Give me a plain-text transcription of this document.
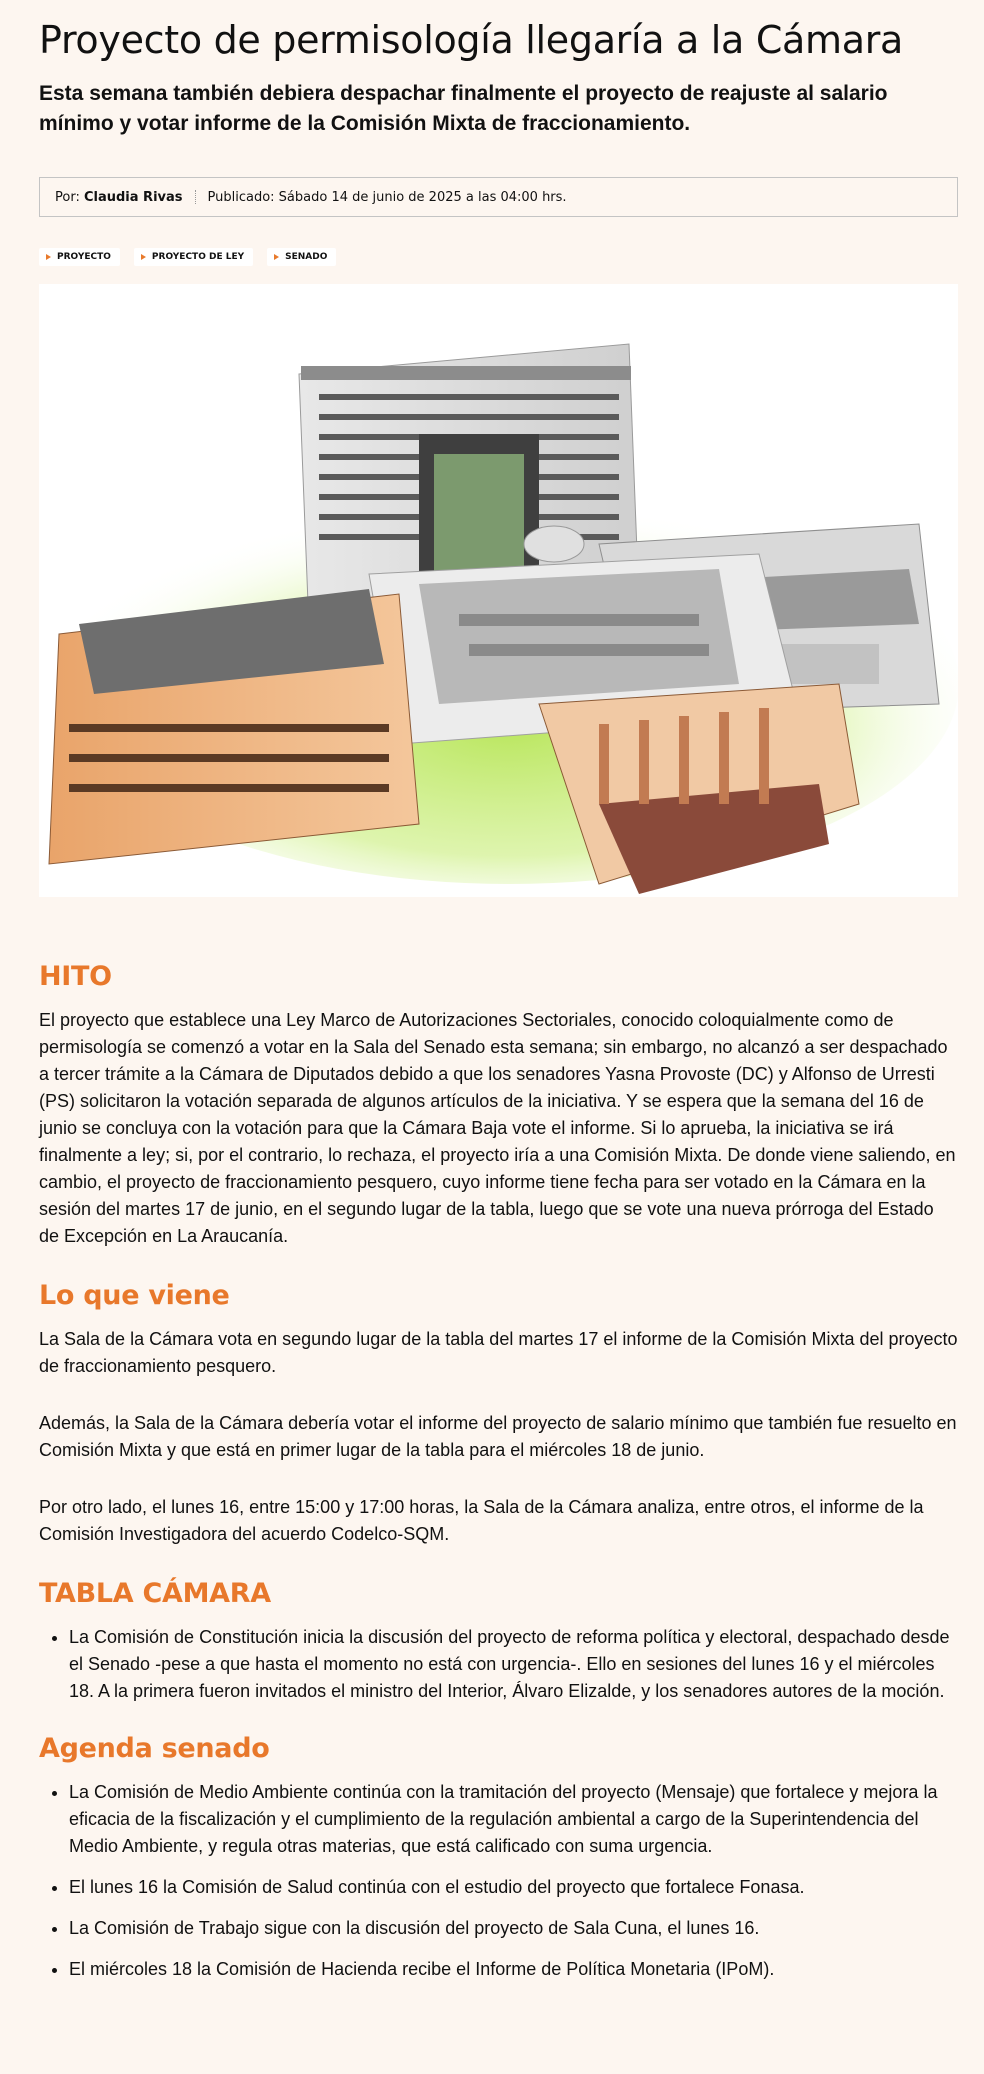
Proyecto de permisología llegaría a la Cámara
Esta semana también debiera despachar finalmente el proyecto de reajuste al salario mínimo y votar informe de la Comisión Mixta de fraccionamiento.
Por:
Claudia Rivas Publicado: Sábado 14 de junio de 2025 a las 04:00 hrs.
PROYECTO	PROYECTO DE LEY	SENADO
HITO

El proyecto que establece una Ley Marco de Autorizaciones Sectoriales, conocido coloquialmente como de permisología se comenzó a votar en la Sala del Senado esta semana; sin embargo, no alcanzó a ser despachado a tercer trámite a la Cámara de Diputados debido a que los senadores Yasna Provoste (DC) y Alfonso de Urresti (PS) solicitaron la votación separada de algunos artículos de la iniciativa. Y se espera que la semana del 16 de junio se concluya con la votación para que la Cámara Baja vote el informe. Si lo aprueba, la iniciativa se irá finalmente a ley; si, por el contrario, lo rechaza, el proyecto iría a una Comisión Mixta. De donde viene saliendo, en cambio, el proyecto de fraccionamiento pesquero, cuyo informe tiene fecha para ser votado en la Cámara en la sesión del martes 17 de junio, en el segundo lugar de la tabla, luego que se vote una nueva prórroga del Estado de Excepción en La Araucanía.

Lo que viene

La Sala de la Cámara vota en segundo lugar de la tabla del martes 17 el informe de la Comisión Mixta del proyecto de fraccionamiento pesquero.

Además, la Sala de la Cámara debería votar el informe del proyecto de salario mínimo que también fue resuelto en Comisión Mixta y que está en primer lugar de la tabla para el miércoles 18 de junio.

Por otro lado, el lunes 16, entre 15:00 y 17:00 horas, la Sala de la Cámara analiza, entre otros, el informe de la Comisión Investigadora del acuerdo Codelco-SQM.

TABLA CÁMARA
• La Comisión de Constitución inicia la discusión del proyecto de reforma política y electoral, despachado desde el Senado -pese a que hasta el momento no está con urgencia-. Ello en sesiones del lunes 16 y el miércoles 18. A la primera fueron invitados el ministro del Interior, Álvaro Elizalde, y los senadores autores de la moción.
Agenda senado
• La Comisión de Medio Ambiente continúa con la tramitación del proyecto (Mensaje) que fortalece y mejora la eficacia de la fiscalización y el cumplimiento de la regulación ambiental a cargo de la Superintendencia del Medio Ambiente, y regula otras materias, que está calificado con suma urgencia.
• El lunes 16 la Comisión de Salud continúa con el estudio del proyecto que fortalece Fonasa.
• La Comisión de Trabajo sigue con la discusión del proyecto de Sala Cuna, el lunes 16.
• El miércoles 18 la Comisión de Hacienda recibe el Informe de Política Monetaria (IPoM).
